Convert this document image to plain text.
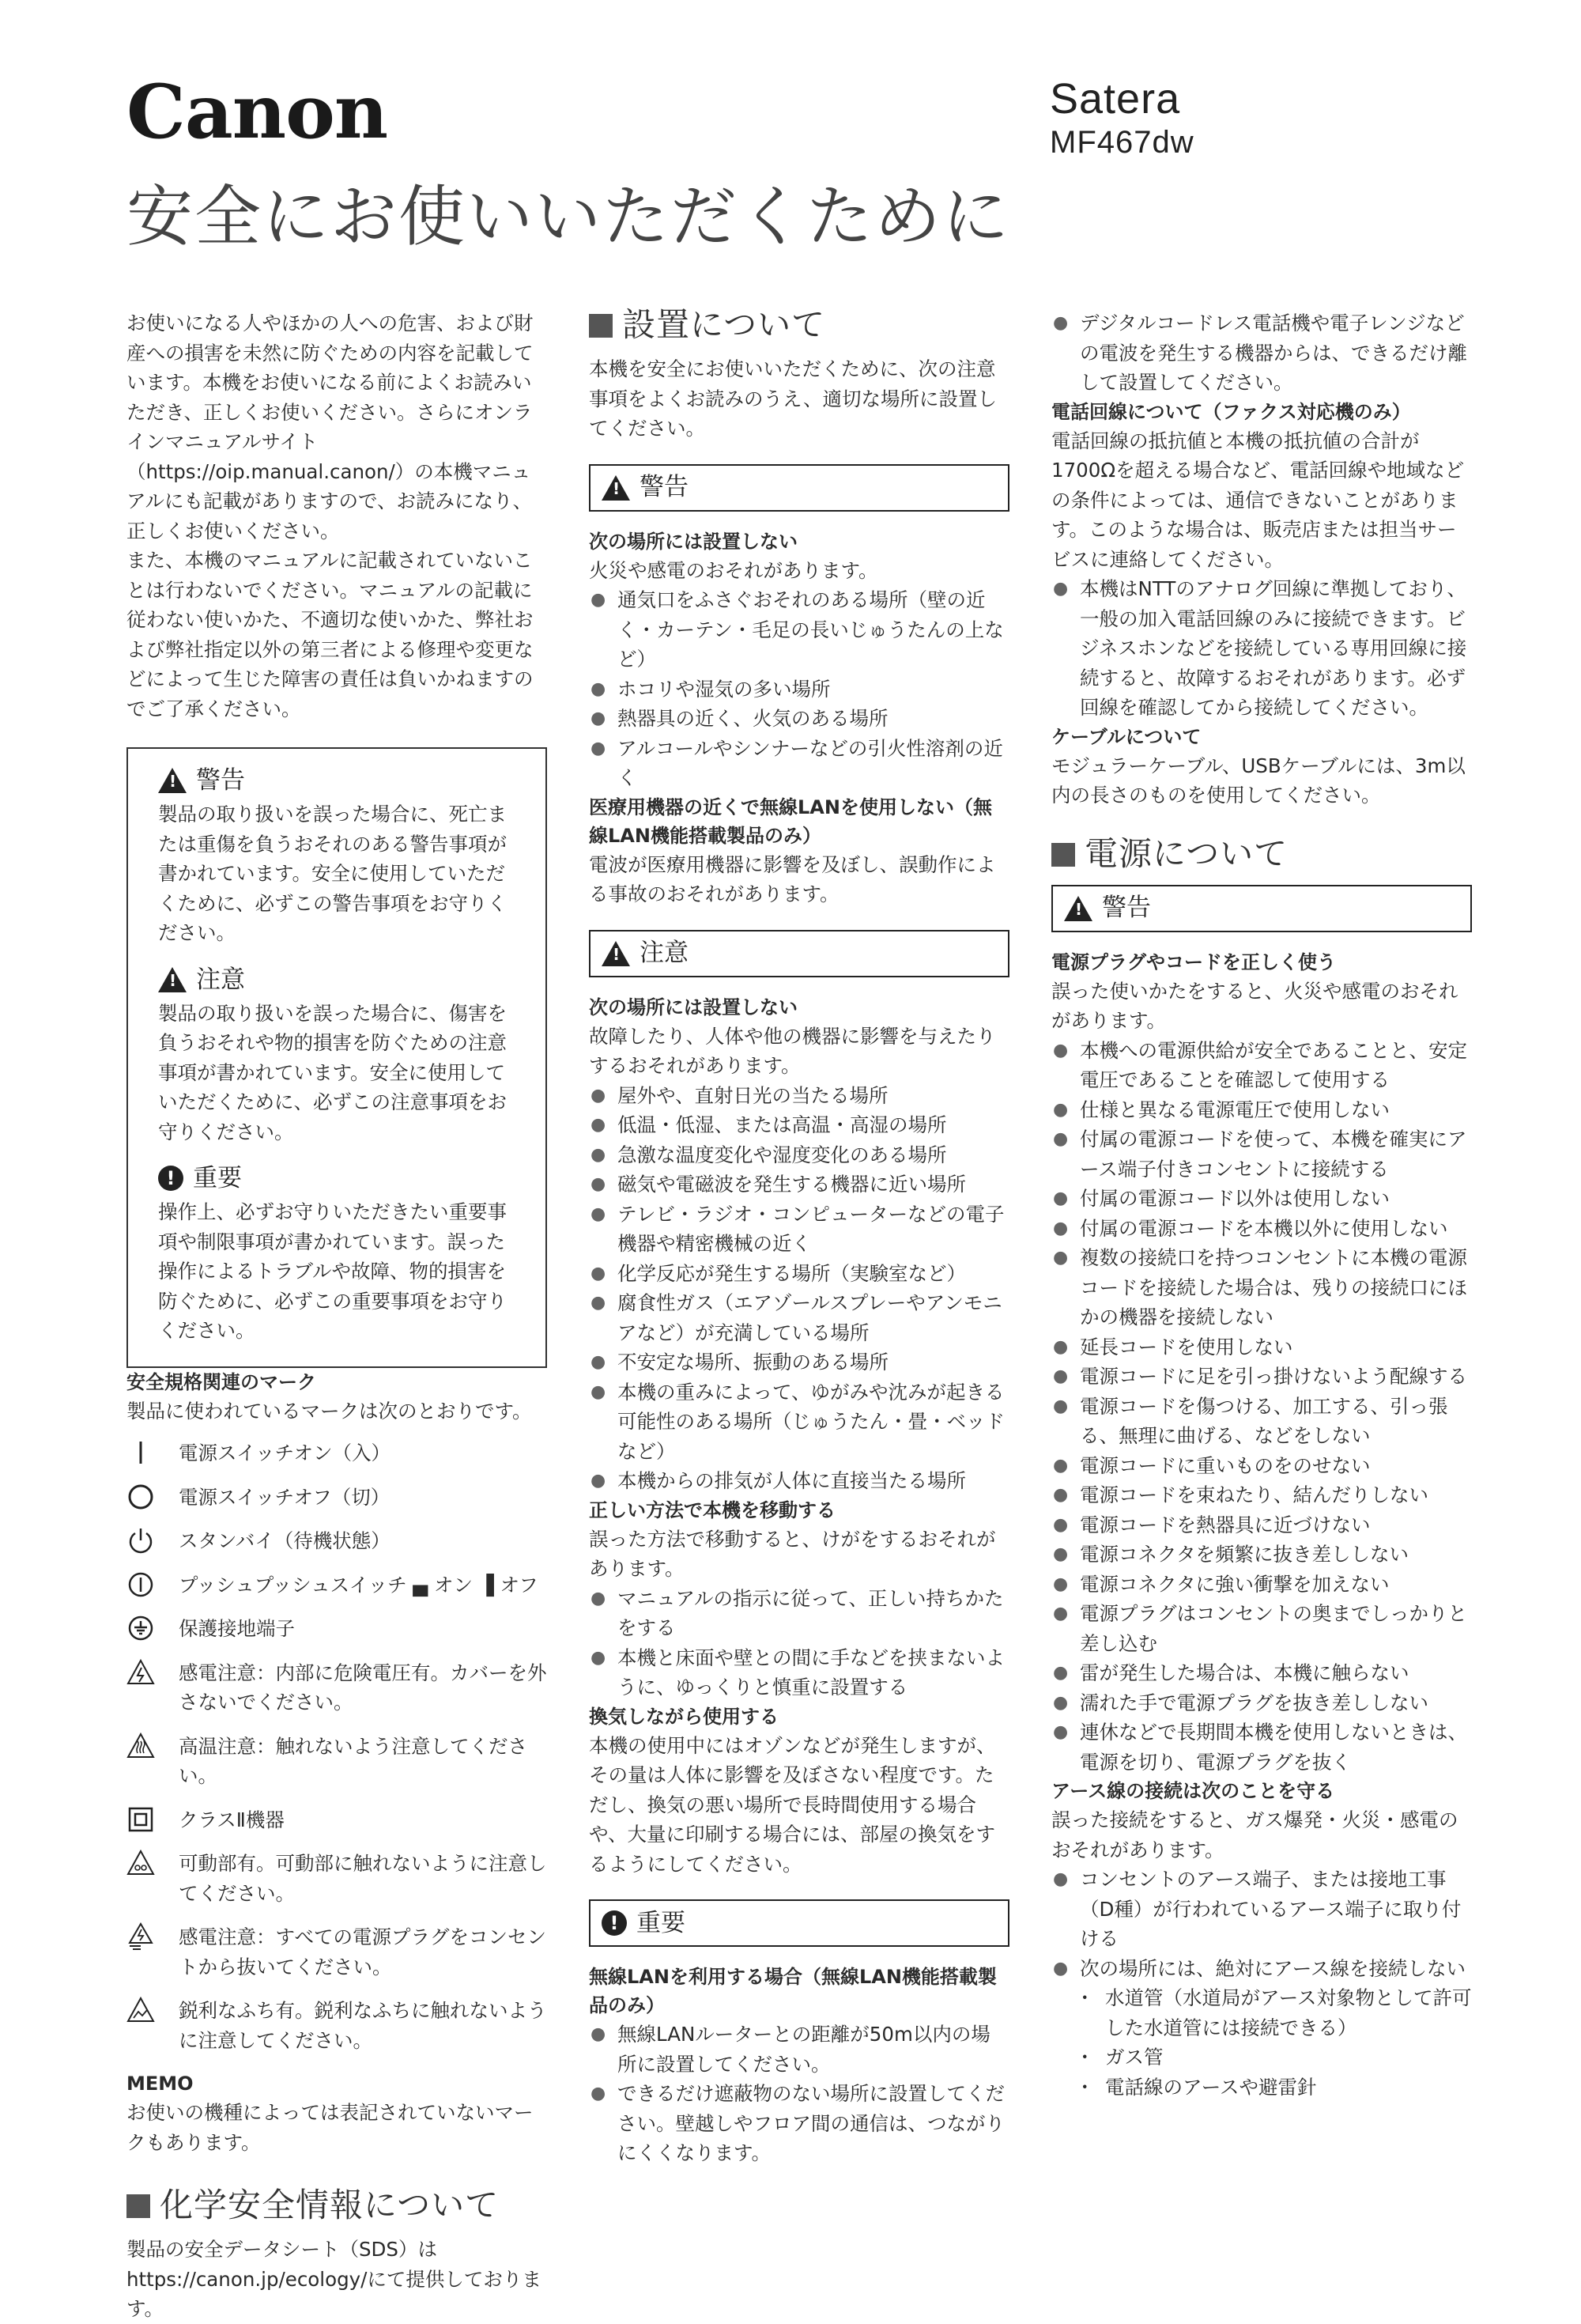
Canon	Satera
MF467dw
安全にお使いいただくために

お使いになる人やほかの人への危害、および財産への損害を未然に防ぐための内容を記載しています。本機をお使いになる前によくお読みいただき、正しくお使いください。さらにオンラインマニュアルサイト（https://oip.manual.canon/）の本機マニュアルにも記載がありますので、お読みになり、正しくお使いください。

また、本機のマニュアルに記載されていないことは行わないでください。マニュアルの記載に従わない使いかた、不適切な使いかた、弊社および弊社指定以外の第三者による修理や変更などによって生じた障害の責任は負いかねますのでご了承ください。

!
警告

製品の取り扱いを誤った場合に、死亡または重傷を負うおそれのある警告事項が書かれています。安全に使用していただくために、必ずこの警告事項をお守りください。

!
注意

製品の取り扱いを誤った場合に、傷害を負うおそれや物的損害を防ぐための注意事項が書かれています。安全に使用していただくために、必ずこの注意事項をお守りください。

! 重要

操作上、必ずお守りいただきたい重要事項や制限事項が書かれています。誤った操作によるトラブルや故障、物的損害を防ぐために、必ずこの重要事項をお守りください。

安全規格関連のマーク

製品に使われているマークは次のとおりです。

電源スイッチオン（入）
電源スイッチオフ（切）
スタンバイ（待機状態）
プッシュプッシュスイッチ ▄ オン ▐ オフ
保護接地端子
感電注意：内部に危険電圧有。カバーを外さないでください。
高温注意：触れないよう注意してください。
クラスⅡ機器
可動部有。可動部に触れないように注意してください。
感電注意：すべての電源プラグをコンセントから抜いてください。
鋭利なふち有。鋭利なふちに触れないように注意してください。

MEMO

お使いの機種によっては表記されていないマークもあります。

化学安全情報について

製品の安全データシート（SDS）はhttps://canon.jp/ecology/にて提供しております。

設置について

本機を安全にお使いいただくために、次の注意事項をよくお読みのうえ、適切な場所に設置してください。

!
警告

次の場所には設置しない

火災や感電のおそれがあります。

● 通気口をふさぐおそれのある場所（壁の近く・カーテン・毛足の長いじゅうたんの上など）
● ホコリや湿気の多い場所
● 熱器具の近く、火気のある場所
● アルコールやシンナーなどの引火性溶剤の近く

医療用機器の近くで無線LANを使用しない（無線LAN機能搭載製品のみ）

電波が医療用機器に影響を及ぼし、誤動作による事故のおそれがあります。

!
注意

次の場所には設置しない

故障したり、人体や他の機器に影響を与えたりするおそれがあります。

● 屋外や、直射日光の当たる場所
● 低温・低湿、または高温・高湿の場所
● 急激な温度変化や湿度変化のある場所
● 磁気や電磁波を発生する機器に近い場所
● テレビ・ラジオ・コンピューターなどの電子機器や精密機械の近く
● 化学反応が発生する場所（実験室など）
● 腐食性ガス（エアゾールスプレーやアンモニアなど）が充満している場所
● 不安定な場所、振動のある場所
● 本機の重みによって、ゆがみや沈みが起きる可能性のある場所（じゅうたん・畳・ベッドなど）
● 本機からの排気が人体に直接当たる場所

正しい方法で本機を移動する

誤った方法で移動すると、けがをするおそれがあります。

● マニュアルの指示に従って、正しい持ちかたをする
● 本機と床面や壁との間に手などを挟まないように、ゆっくりと慎重に設置する

換気しながら使用する

本機の使用中にはオゾンなどが発生しますが、その量は人体に影響を及ぼさない程度です。ただし、換気の悪い場所で長時間使用する場合や、大量に印刷する場合には、部屋の換気をするようにしてください。

! 重要

無線LANを利用する場合（無線LAN機能搭載製品のみ）

● 無線LANルーターとの距離が50m以内の場所に設置してください。
● できるだけ遮蔽物のない場所に設置してください。壁越しやフロア間の通信は、つながりにくくなります。
● デジタルコードレス電話機や電子レンジなどの電波を発生する機器からは、できるだけ離して設置してください。

電話回線について（ファクス対応機のみ）

電話回線の抵抗値と本機の抵抗値の合計が1700Ωを超える場合など、電話回線や地域などの条件によっては、通信できないことがあります。このような場合は、販売店または担当サービスに連絡してください。

● 本機はNTTのアナログ回線に準拠しており、一般の加入電話回線のみに接続できます。ビジネスホンなどを接続している専用回線に接続すると、故障するおそれがあります。必ず回線を確認してから接続してください。

ケーブルについて

モジュラーケーブル、USBケーブルには、3m以内の長さのものを使用してください。

電源について
!
警告

電源プラグやコードを正しく使う

誤った使いかたをすると、火災や感電のおそれがあります。

● 本機への電源供給が安全であることと、安定電圧であることを確認して使用する
● 仕様と異なる電源電圧で使用しない
● 付属の電源コードを使って、本機を確実にアース端子付きコンセントに接続する
● 付属の電源コード以外は使用しない
● 付属の電源コードを本機以外に使用しない
● 複数の接続口を持つコンセントに本機の電源コードを接続した場合は、残りの接続口にほかの機器を接続しない
● 延長コードを使用しない
● 電源コードに足を引っ掛けないよう配線する
● 電源コードを傷つける、加工する、引っ張る、無理に曲げる、などをしない
● 電源コードに重いものをのせない
● 電源コードを束ねたり、結んだりしない
● 電源コードを熱器具に近づけない
● 電源コネクタを頻繁に抜き差ししない
● 電源コネクタに強い衝撃を加えない
● 電源プラグはコンセントの奥までしっかりと差し込む
● 雷が発生した場合は、本機に触らない
● 濡れた手で電源プラグを抜き差ししない
● 連休などで長期間本機を使用しないときは、電源を切り、電源プラグを抜く

アース線の接続は次のことを守る

誤った接続をすると、ガス爆発・火災・感電のおそれがあります。

● コンセントのアース端子、または接地工事（D種）が行われているアース端子に取り付ける
● 次の場所には、絶対にアース線を接続しない
・ 水道管（水道局がアース対象物として許可した水道管には接続できる）
・ ガス管
・ 電話線のアースや避雷針
